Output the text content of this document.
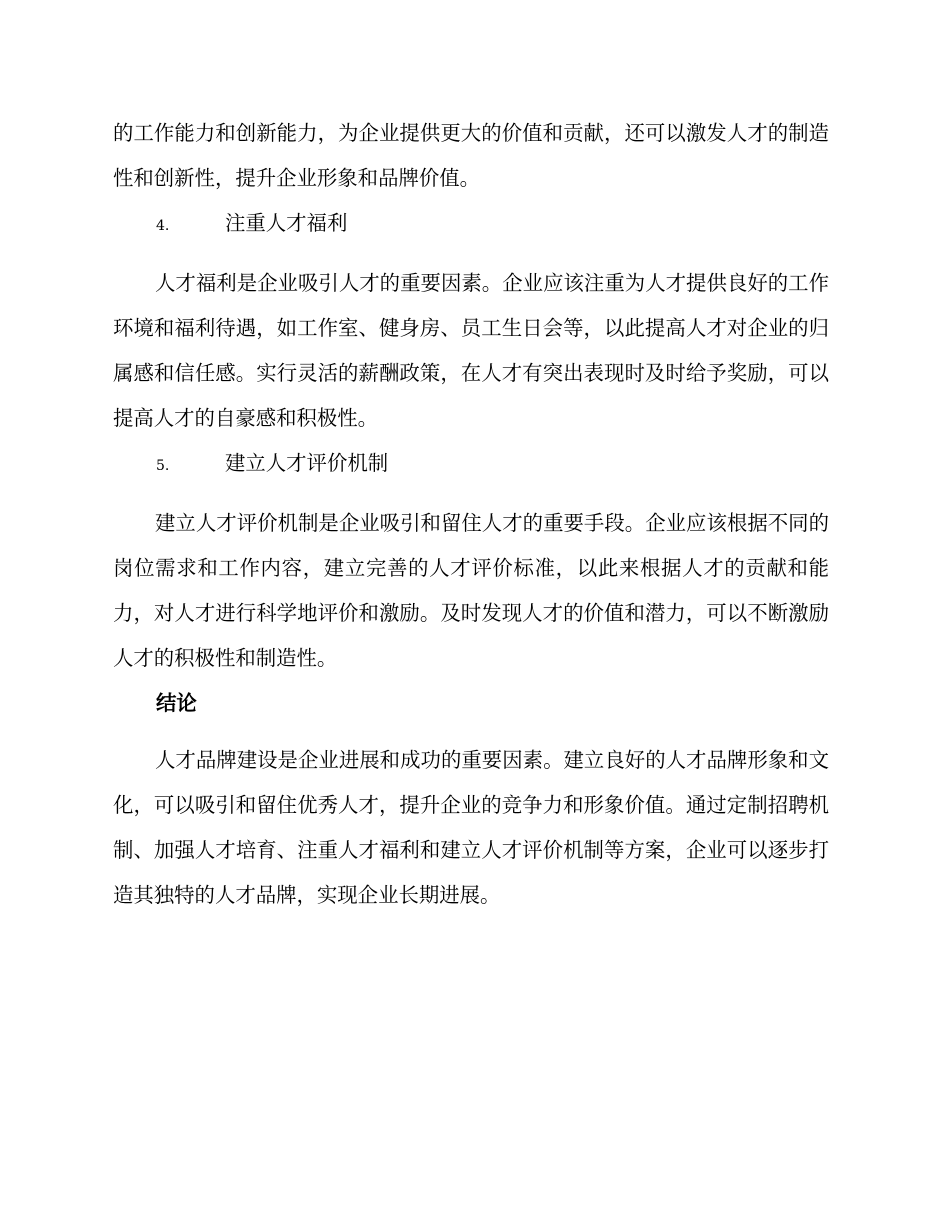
的工作能力和创新能力，为企业提供更大的价值和贡献，还可以激发人才的制造性和创新性，提升企业形象和品牌价值。

4.	注重人才福利

人才福利是企业吸引人才的重要因素。企业应该注重为人才提供良好的工作环境和福利待遇，如工作室、健身房、员工生日会等，以此提高人才对企业的归属感和信任感。实行灵活的薪酬政策，在人才有突出表现时及时给予奖励，可以提高人才的自豪感和积极性。

5.	建立人才评价机制

建立人才评价机制是企业吸引和留住人才的重要手段。企业应该根据不同的岗位需求和工作内容，建立完善的人才评价标准，以此来根据人才的贡献和能力，对人才进行科学地评价和激励。及时发现人才的价值和潜力，可以不断激励人才的积极性和制造性。

结论

人才品牌建设是企业进展和成功的重要因素。建立良好的人才品牌形象和文化，可以吸引和留住优秀人才，提升企业的竞争力和形象价值。通过定制招聘机制、加强人才培育、注重人才福利和建立人才评价机制等方案，企业可以逐步打造其独特的人才品牌，实现企业长期进展。
